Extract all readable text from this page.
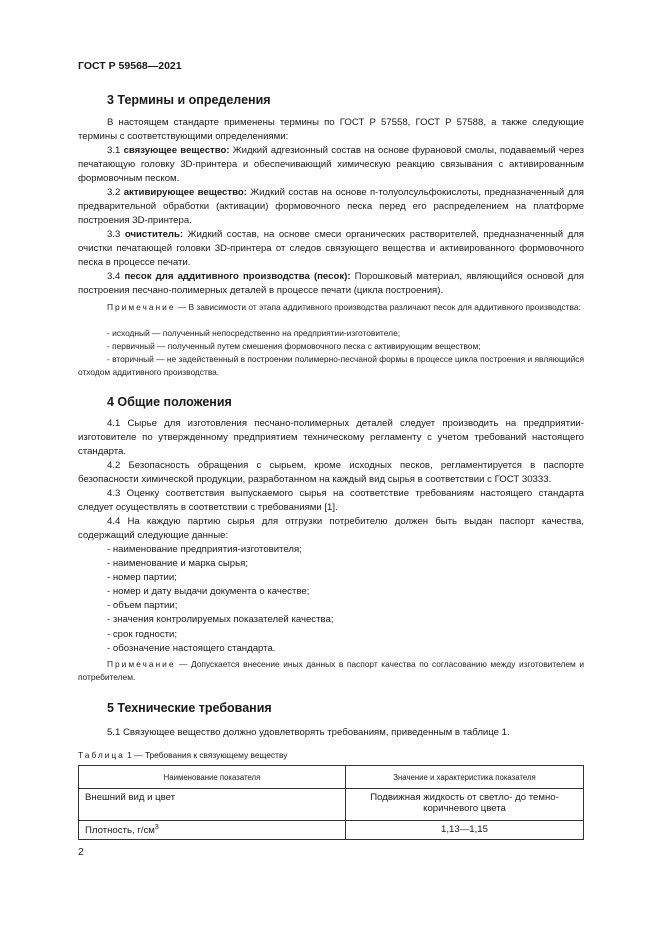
ГОСТ Р 59568—2021
3 Термины и определения
В настоящем стандарте применены термины по ГОСТ Р 57558, ГОСТ Р 57588, а также следующие термины с соответствующими определениями:
3.1 связующее вещество: Жидкий адгезионный состав на основе фурановой смолы, подаваемый через печатающую головку 3D-принтера и обеспечивающий химическую реакцию связывания с активированным формовочным песком.
3.2 активирующее вещество: Жидкий состав на основе п-толуолсульфокислоты, предназначенный для предварительной обработки (активации) формовочного песка перед его распределением на платформе построения 3D-принтера.
3.3 очиститель: Жидкий состав, на основе смеси органических растворителей, предназначенный для очистки печатающей головки 3D-принтера от следов связующего вещества и активированного формовочного песка в процессе печати.
3.4 песок для аддитивного производства (песок): Порошковый материал, являющийся основой для построения песчано-полимерных деталей в процессе печати (цикла построения).
Примечание — В зависимости от этапа аддитивного производства различают песок для аддитивного производства:
- исходный — полученный непосредственно на предприятии-изготовителе;
- первичный — полученный путем смешения формовочного песка с активирующим веществом;
- вторичный — не задейственный в построении полимерно-песчаной формы в процессе цикла построения и являющийся отходом аддитивного производства.
4 Общие положения
4.1 Сырье для изготовления песчано-полимерных деталей следует производить на предприятии-изготовителе по утвержденному предприятием техническому регламенту с учетом требований настоящего стандарта.
4.2 Безопасность обращения с сырьем, кроме исходных песков, регламентируется в паспорте безопасности химической продукции, разработанном на каждый вид сырья в соответствии с ГОСТ 30333.
4.3 Оценку соответствия выпускаемого сырья на соответствие требованиям настоящего стандарта следует осуществлять в соответствии с требованиями [1].
4.4 На каждую партию сырья для отгрузки потребителю должен быть выдан паспорт качества, содержащий следующие данные:
- наименование предприятия-изготовителя;
- наименование и марка сырья;
- номер партии;
- номер и дату выдачи документа о качестве;
- объем партии;
- значения контролируемых показателей качества;
- срок годности;
- обозначение настоящего стандарта.
Примечание — Допускается внесение иных данных в паспорт качества по согласованию между изготовителем и потребителем.
5 Технические требования
5.1 Связующее вещество должно удовлетворять требованиям, приведенным в таблице 1.
Таблица 1 — Требования к связующему веществу
Наименование показателя	Значение и характеристика показателя
Внешний вид и цвет	Подвижная жидкость от светло- до темно-коричневого цвета
Плотность, $г/см^3$	1,13—1,15
2
